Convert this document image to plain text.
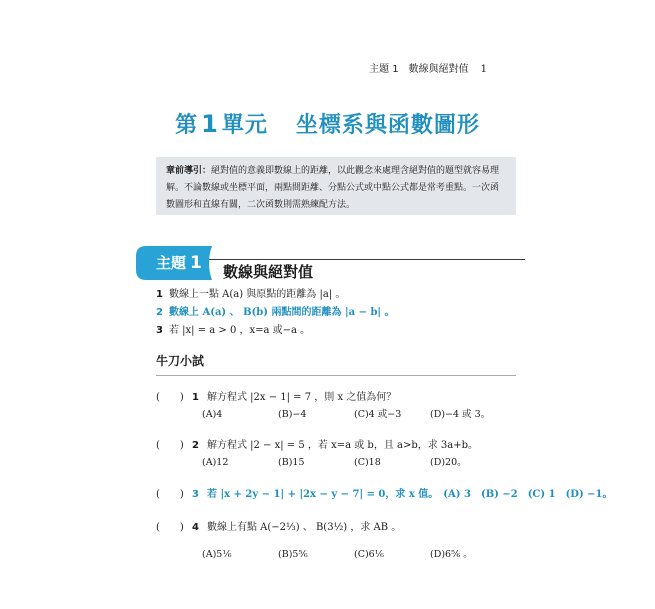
主題 1　數線與絕對值 1
第 1 單元 坐標系與函數圖形
章前導引：絕對值的意義即數線上的距離，以此觀念來處理含絕對值的題型就容易理解。不論數線或坐標平面，兩點間距離、分點公式或中點公式都是常考重點。一次函數圖形和直線有關，二次函數則需熟練配方法。
主題 1 數線與絕對值
1 數線上一點 A(a) 與原點的距離為 |a| 。
2 數線上 A(a) 、 B(b) 兩點間的距離為 |a − b| 。
3 若 |x| = a > 0 ，x=a 或−a 。
牛刀小試
(　　) 1 解方程式 |2x − 1| = 7 ，則 x 之值為何？
(A)4	(B)−4	(C)4 或−3	(D)−4 或 3。
(　　) 2 解方程式 |2 − x| = 5 ，若 x=a 或 b，且 a>b，求 3a+b。
(A)12	(B)15	(C)18	(D)20。
(　　) 3 若 |x + 2y − 1| + |2x − y − 7| = 0，求 x 值。　(A) 3　(B) −2　(C) 1　(D) −1。
(　　) 4 數線上有點 A(−2⅓) 、 B(3½) ，求 AB 。
(A)5⅙	(B)5⅚	(C)6⅙	(D)6⅚ 。
